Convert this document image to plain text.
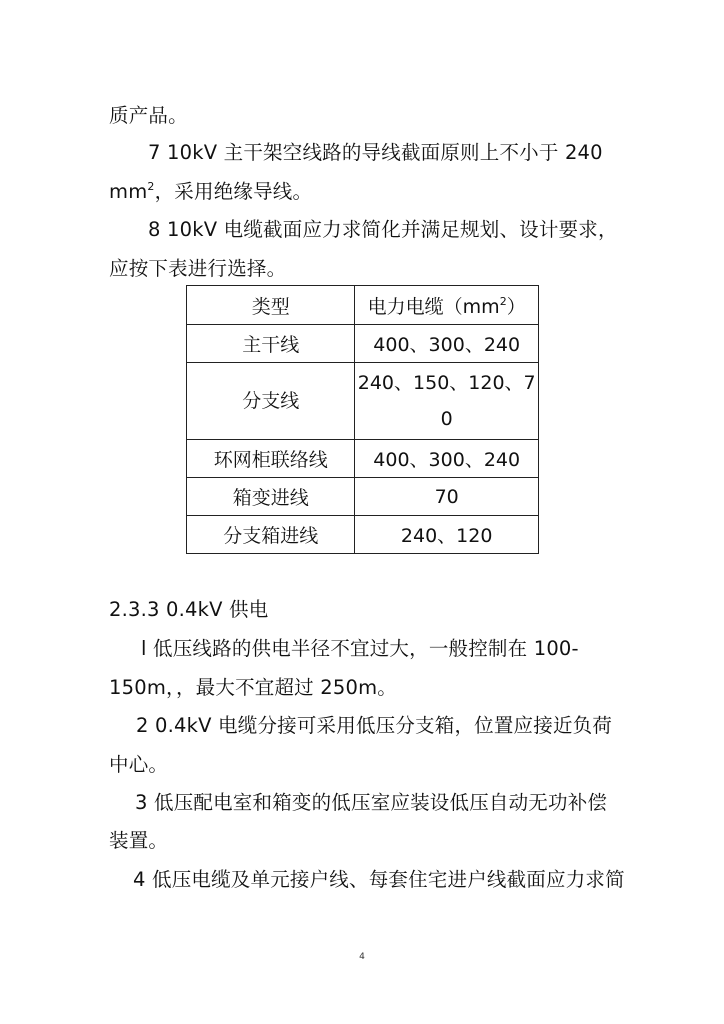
质产品。
7 10kV 主干架空线路的导线截面原则上不小于 240
$mm^2$，采用绝缘导线。
8 10kV 电缆截面应力求简化并满足规划、设计要求，
应按下表进行选择。
类型	电力电缆$(mm^2)$
主干线	400、300、240
分支线	240、150、120、7
0
环网柜联络线	400、300、240
箱变进线	70
分支箱进线	240、120
2.3.3 0.4kV 供电
l 低压线路的供电半径不宜过大，一般控制在 100-
150m，，最大不宜超过 250m。
2 0.4kV 电缆分接可采用低压分支箱，位置应接近负荷
中心。
3 低压配电室和箱变的低压室应装设低压自动无功补偿
装置。
4 低压电缆及单元接户线、每套住宅进户线截面应力求简
4
